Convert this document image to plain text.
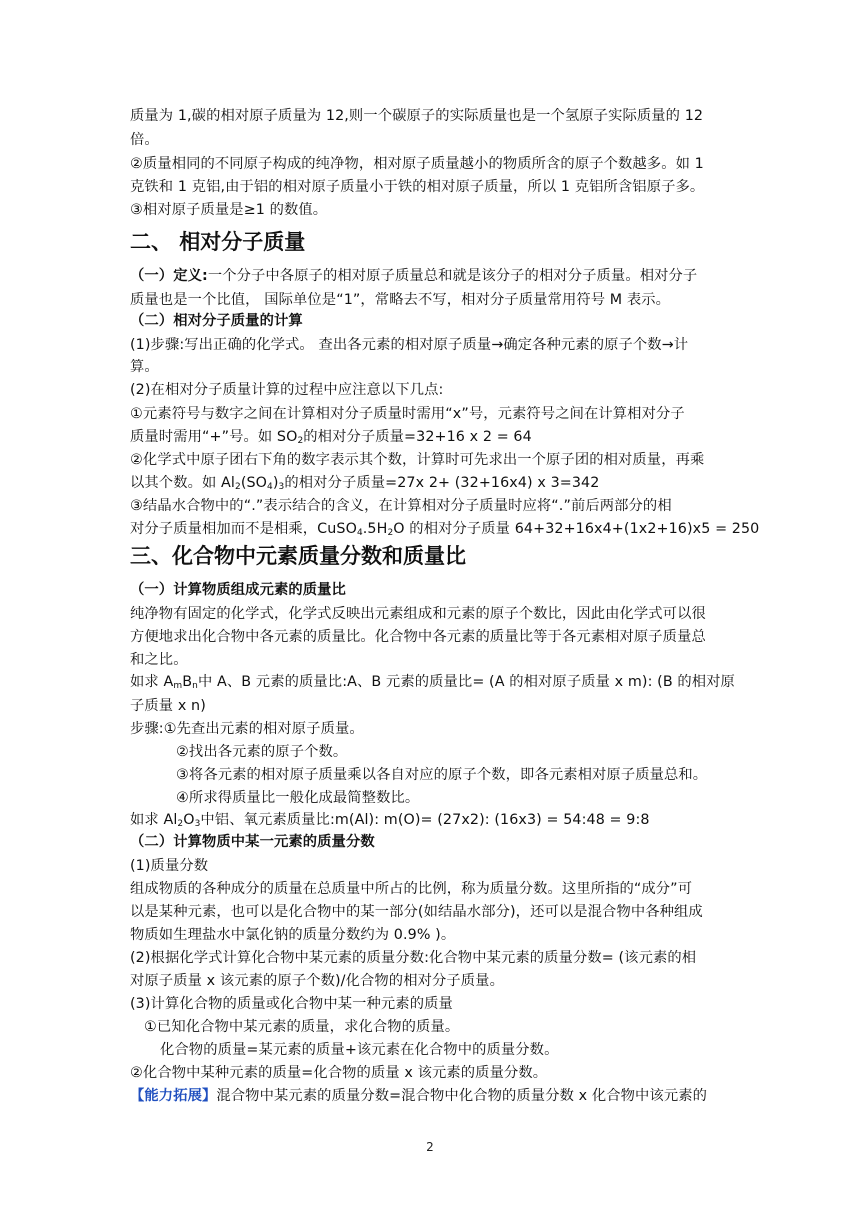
质量为 1,碳的相对原子质量为 12,则一个碳原子的实际质量也是一个氢原子实际质量的 12
倍。
②质量相同的不同原子构成的纯净物，相对原子质量越小的物质所含的原子个数越多。如 1
克铁和 1 克铝,由于铝的相对原子质量小于铁的相对原子质量，所以 1 克铝所含铝原子多。
③相对原子质量是≥1 的数值。
二、 相对分子质量
（一）定义:一个分子中各原子的相对原子质量总和就是该分子的相对分子质量。相对分子
质量也是一个比值， 国际单位是“1”，常略去不写，相对分子质量常用符号 M 表示。
（二）相对分子质量的计算
(1)步骤:写出正确的化学式。 查出各元素的相对原子质量→确定各种元素的原子个数→计
算。
(2)在相对分子质量计算的过程中应注意以下几点:
①元素符号与数字之间在计算相对分子质量时需用“x”号，元素符号之间在计算相对分子
质量时需用“+”号。如 $SO_2$的相对分子质量=32+16 x 2 = 64
②化学式中原子团右下角的数字表示其个数，计算时可先求出一个原子团的相对质量，再乘
以其个数。如 $Al_2(SO_4)_3$的相对分子质量=27x 2+ (32+16x4) x 3=342
③结晶水合物中的“.”表示结合的含义，在计算相对分子质量时应将“.”前后两部分的相
对分子质量相加而不是相乘，$CuSO_4.5H_2O$ 的相对分子质量 64+32+16x4+(1x2+16)x5 = 250
三、化合物中元素质量分数和质量比
（一）计算物质组成元素的质量比
纯净物有固定的化学式，化学式反映出元素组成和元素的原子个数比，因此由化学式可以很
方便地求出化合物中各元素的质量比。化合物中各元素的质量比等于各元素相对原子质量总
和之比。
如求 $A_mB_n$中 A、B 元素的质量比:A、B 元素的质量比= (A 的相对原子质量 x m): (B 的相对原
子质量 x n)
步骤:①先查出元素的相对原子质量。
②找出各元素的原子个数。
③将各元素的相对原子质量乘以各自对应的原子个数，即各元素相对原子质量总和。
④所求得质量比一般化成最简整数比。
如求 $Al_2O_3$中铝、氧元素质量比:m(Al): m(O)= (27x2): (16x3) = 54:48 = 9:8
（二）计算物质中某一元素的质量分数
(1)质量分数
组成物质的各种成分的质量在总质量中所占的比例，称为质量分数。这里所指的“成分”可
以是某种元素，也可以是化合物中的某一部分(如结晶水部分)，还可以是混合物中各种组成
物质如生理盐水中氯化钠的质量分数约为 0.9% )。
(2)根据化学式计算化合物中某元素的质量分数:化合物中某元素的质量分数= (该元素的相
对原子质量 x 该元素的原子个数)/化合物的相对分子质量。
(3)计算化合物的质量或化合物中某一种元素的质量
①已知化合物中某元素的质量，求化合物的质量。
化合物的质量=某元素的质量+该元素在化合物中的质量分数。
②化合物中某种元素的质量=化合物的质量 x 该元素的质量分数。
【能力拓展】混合物中某元素的质量分数=混合物中化合物的质量分数 x 化合物中该元素的
2
